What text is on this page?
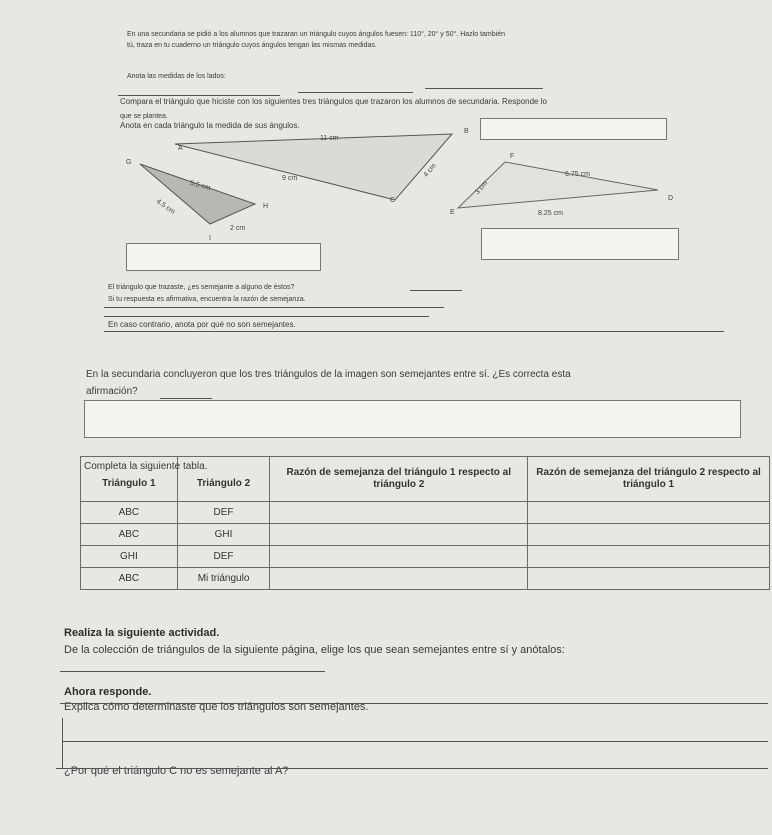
En una secundaria se pidió a los alumnos que trazaran un triángulo cuyos ángulos fuesen: 110°, 20° y 50°. Hazlo también
tú, traza en tu cuaderno un triángulo cuyos ángulos tengan las mismas medidas.
Anota las medidas de los lados:
Compara el triángulo que hiciste con los siguientes tres triángulos que trazaron los alumnos de secundaria. Responde lo
que se plantea.
Anota en cada triángulo la medida de sus ángulos.
A
B
C	D
E
F
G
H
I
11 cm
9 cm	4 cm
5.5 cm
4.5 cm
2 cm
3 cm
6.75 cm
8.25 cm
El triángulo que trazaste, ¿es semejante a alguno de éstos?
Si tu respuesta es afirmativa, encuentra la razón de semejanza.
En caso contrario, anota por qué no son semejantes.
En la secundaria concluyeron que los tres triángulos de la imagen son semejantes entre sí. ¿Es correcta esta
afirmación?
Completa la siguiente tabla.
Triángulo 1	Triángulo 2	Razón de semejanza del triángulo 1 respecto al triángulo 2	Razón de semejanza del triángulo 2 respecto al triángulo 1
ABC	DEF		
ABC	GHI		
GHI	DEF		
ABC	Mi triángulo		
Realiza la siguiente actividad.
De la colección de triángulos de la siguiente página, elige los que sean semejantes entre sí y anótalos:
Ahora responde.
Explica cómo determinaste que los triángulos son semejantes.
¿Por qué el triángulo C no es semejante al A?
